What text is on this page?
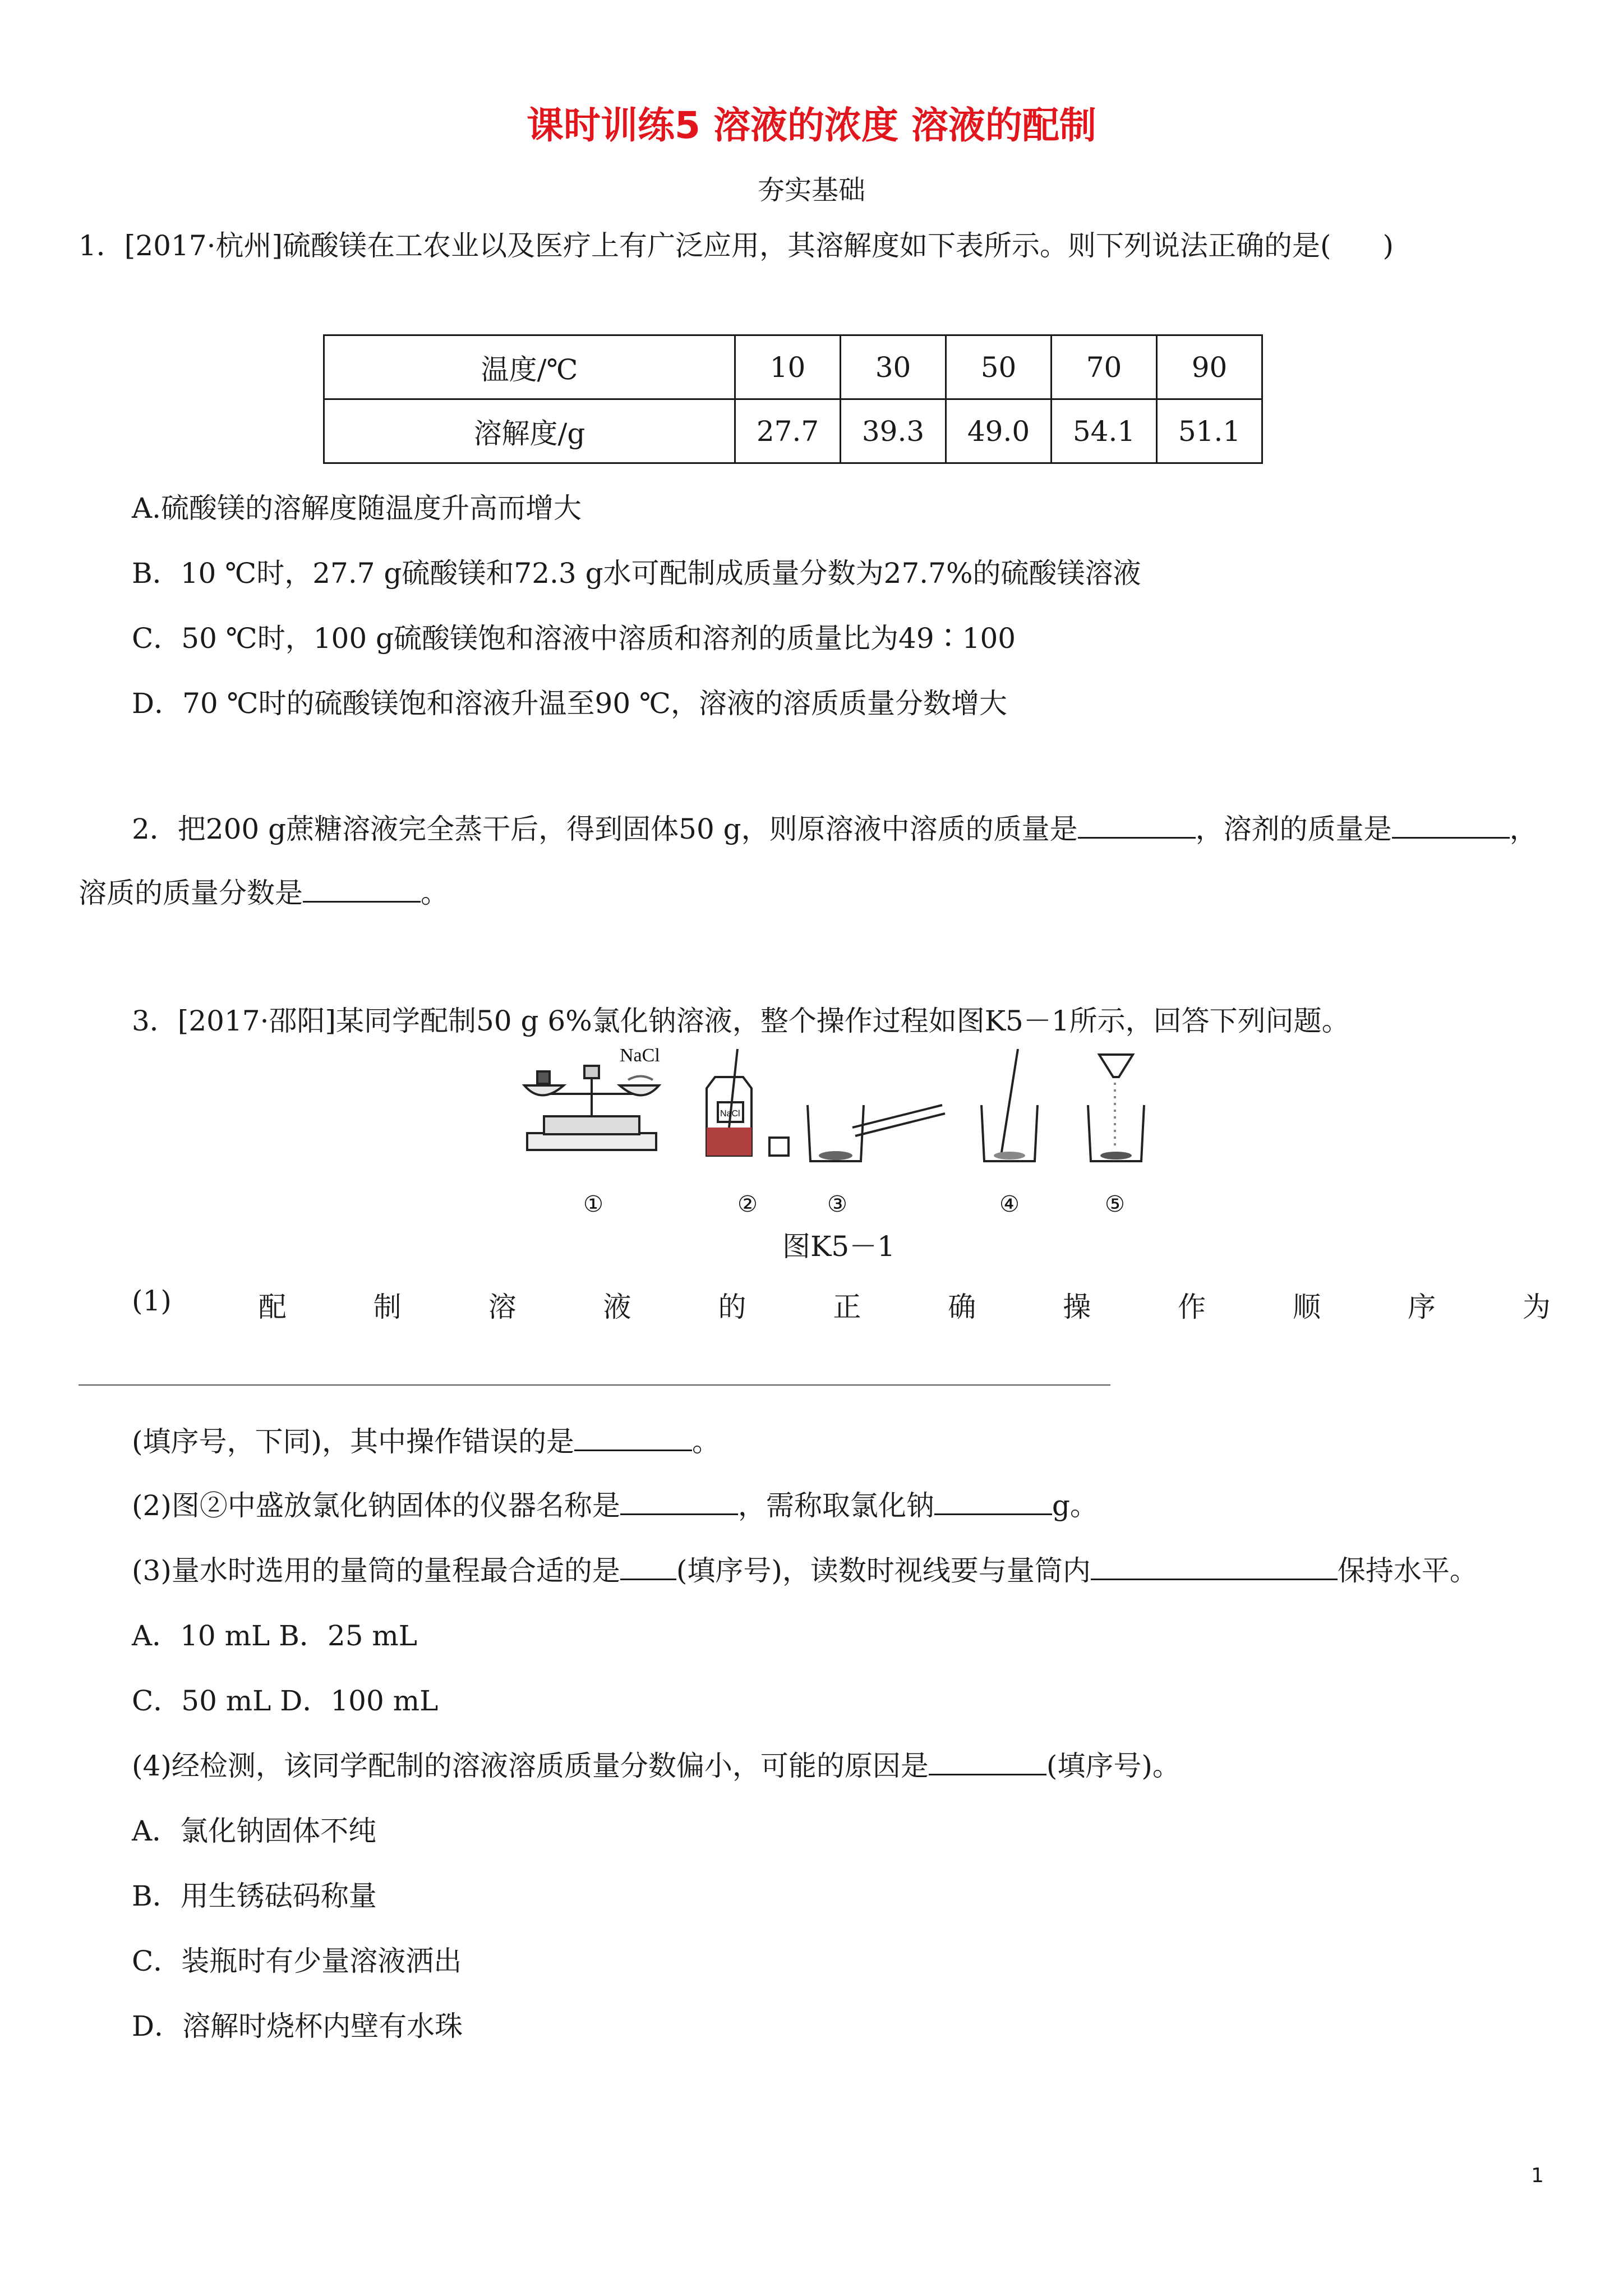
课时训练5 溶液的浓度 溶液的配制
夯实基础
1．[2017·杭州]硫酸镁在工农业以及医疗上有广泛应用，其溶解度如下表所示。则下列说法正确的是( )
温度/℃	10	30	50	70	90
溶解度/g	27.7	39.3	49.0	54.1	51.1
A.硫酸镁的溶解度随温度升高而增大
B．10 ℃时，27.7 g硫酸镁和72.3 g水可配制成质量分数为27.7%的硫酸镁溶液
C．50 ℃时，100 g硫酸镁饱和溶液中溶质和溶剂的质量比为49∶100
D．70 ℃时的硫酸镁饱和溶液升温至90 ℃，溶液的溶质质量分数增大
2．把200 g蔗糖溶液完全蒸干后，得到固体50 g，则原溶液中溶质的质量是	，溶剂的质量是	，
溶质的质量分数是	。
3．[2017·邵阳]某同学配制50 g 6%氯化钠溶液，整个操作过程如图K5－1所示，回答下列问题。
NaCl
NaCl
①	②	③	④	⑤
图K5－1
(1)	配	制	溶	液	的	正	确	操	作	顺	序	为
(填序号，下同)，其中操作错误的是	。
(2)图②中盛放氯化钠固体的仪器名称是	，需称取氯化钠	g。
(3)量水时选用的量筒的量程最合适的是 (填序号)，读数时视线要与量筒内	保持水平。
A．10 mL B．25 mL
C．50 mL D．100 mL
(4)经检测，该同学配制的溶液溶质质量分数偏小，可能的原因是	(填序号)。
A．氯化钠固体不纯
B．用生锈砝码称量
C．装瓶时有少量溶液洒出
D．溶解时烧杯内壁有水珠
1
